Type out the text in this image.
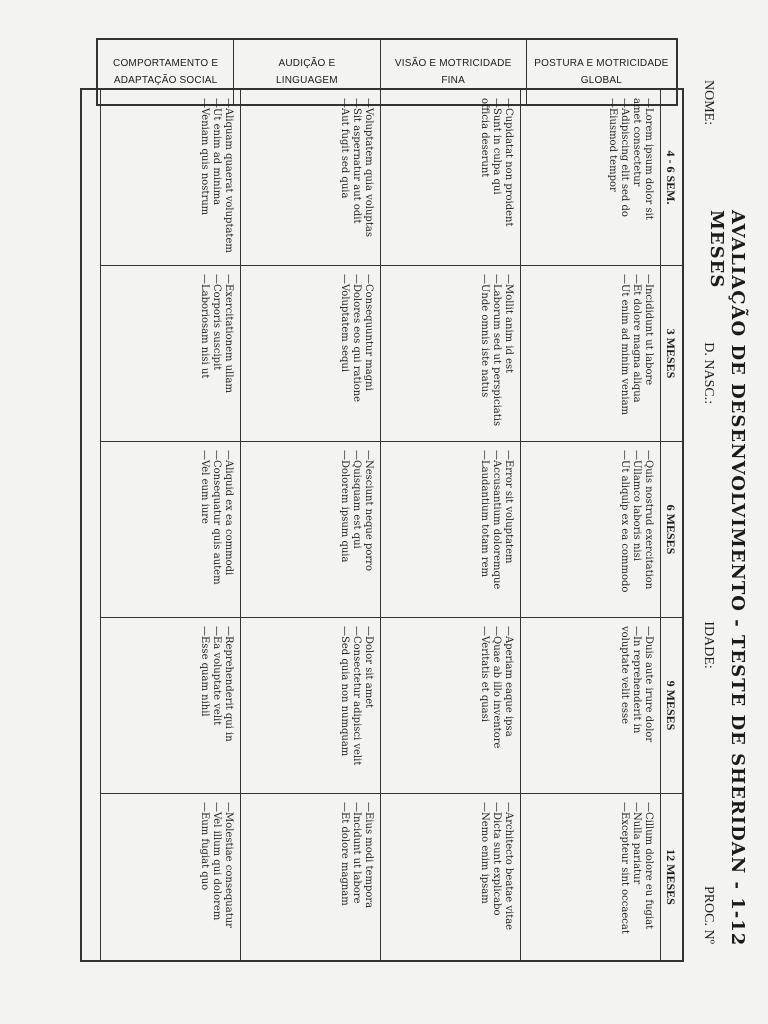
COMPORTAMENTO E
ADAPTAÇÃO SOCIAL
AUDIÇÃO E
LINGUAGEM
VISÃO E MOTRICIDADE
FINA
POSTURA E MOTRICIDADE
GLOBAL
AVALIAÇÃO DE DESENVOLVIMENTO - TESTE DE SHERIDAN - 1-12 MESES
NOME:
D. NASC.:
IDADE:
PROC. Nº
4 - 6 SEM.
3 MESES
6 MESES
9 MESES
12 MESES
—Lorem ipsum dolor sit
amet consectetur
—Adipiscing elit sed do
—Eiusmod tempor
—Incididunt ut labore
—Et dolore magna aliqua
—Ut enim ad minim veniam
—Quis nostrud exercitation
—Ullamco laboris nisi
—Ut aliquip ex ea commodo
—Duis aute irure dolor
—In reprehenderit in
voluptate velit esse
—Cillum dolore eu fugiat
—Nulla pariatur
—Excepteur sint occaecat
—Cupidatat non proident
—Sunt in culpa qui
officia deserunt
—Mollit anim id est
—Laborum sed ut perspiciatis
—Unde omnis iste natus
—Error sit voluptatem
—Accusantium doloremque
—Laudantium totam rem
—Aperiam eaque ipsa
—Quae ab illo inventore
—Veritatis et quasi
—Architecto beatae vitae
—Dicta sunt explicabo
—Nemo enim ipsam
—Voluptatem quia voluptas
—Sit aspernatur aut odit
—Aut fugit sed quia
—Consequuntur magni
—Dolores eos qui ratione
—Voluptatem sequi
—Nesciunt neque porro
—Quisquam est qui
—Dolorem ipsum quia
—Dolor sit amet
—Consectetur adipisci velit
—Sed quia non numquam
—Eius modi tempora
—Incidunt ut labore
—Et dolore magnam
—Aliquam quaerat voluptatem
—Ut enim ad minima
—Veniam quis nostrum
—Exercitationem ullam
—Corporis suscipit
—Laboriosam nisi ut
—Aliquid ex ea commodi
—Consequatur quis autem
—Vel eum iure
—Reprehenderit qui in
—Ea voluptate velit
—Esse quam nihil
—Molestiae consequatur
—Vel illum qui dolorem
—Eum fugiat quo
